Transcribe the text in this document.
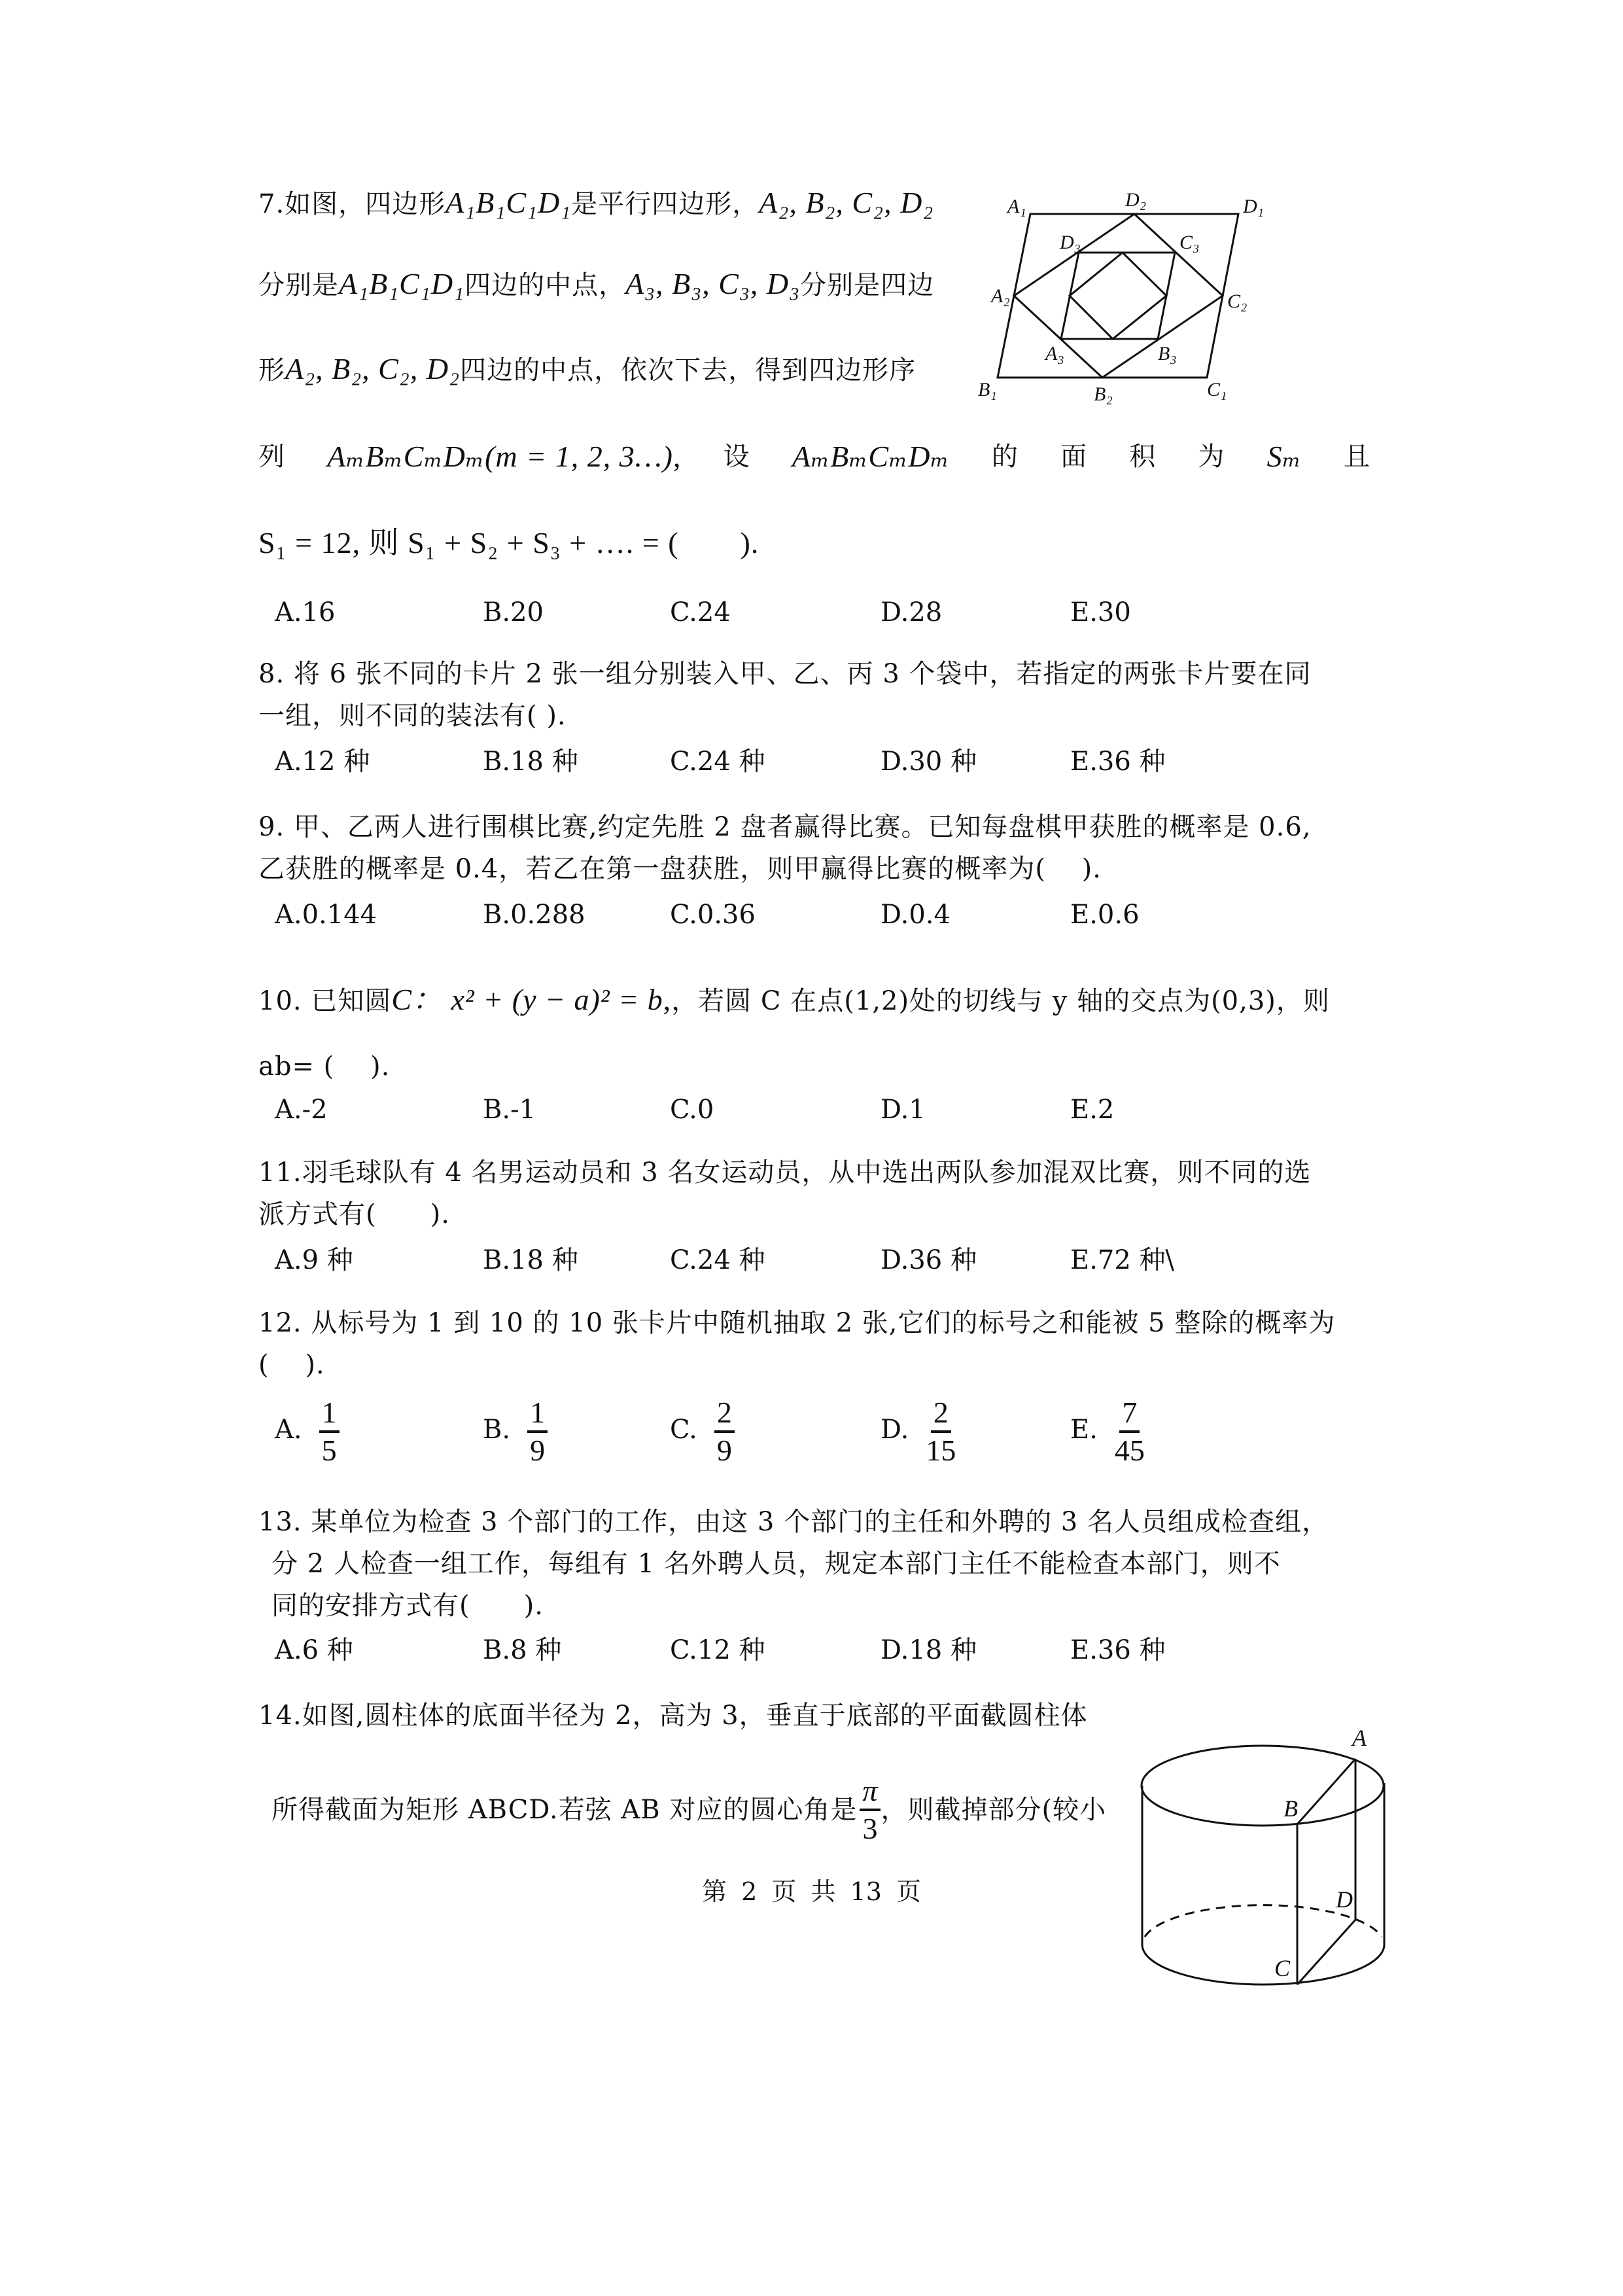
7.如图，四边形A₁B₁C₁D₁是平行四边形，A₂, B₂, C₂, D₂
分别是A₁B₁C₁D₁四边的中点，A₃, B₃, C₃, D₃分别是四边
形A₂, B₂, C₂, D₂四边的中点，依次下去，得到四边形序
列 AₘBₘCₘDₘ(m = 1, 2, 3…), 设 AₘBₘCₘDₘ 的 面 积 为 Sₘ 且
S₁ = 12, 则 S₁ + S₂ + S₃ + …. = (　　).
A.16	B.20	C.24	D.28	E.30
A₁	D₂	D₁
D₃	C₃
A₂	C₂
A₃	B₃
B₁	B₂	C₁
8. 将 6 张不同的卡片 2 张一组分别装入甲、乙、丙 3 个袋中，若指定的两张卡片要在同
一组，则不同的装法有( ).
A.12 种	B.18 种	C.24 种	D.30 种	E.36 种
9. 甲、乙两人进行围棋比赛,约定先胜 2 盘者赢得比赛。已知每盘棋甲获胜的概率是 0.6,
乙获胜的概率是 0.4，若乙在第一盘获胜，则甲赢得比赛的概率为(　 ).
A.0.144	B.0.288	C.0.36	D.0.4	E.0.6
10. 已知圆C： x² + (y − a)² = b,，若圆 C 在点(1,2)处的切线与 y 轴的交点为(0,3)，则
ab= (　 ).
A.-2	B.-1	C.0	D.1	E.2
11.羽毛球队有 4 名男运动员和 3 名女运动员，从中选出两队参加混双比赛，则不同的选
派方式有(　　).
A.9 种	B.18 种	C.24 种	D.36 种	E.72 种\
12. 从标号为 1 到 10 的 10 张卡片中随机抽取 2 张,它们的标号之和能被 5 整除的概率为
(　 ).
A. $\frac{1}{5}$	B. $\frac{1}{9}$	C. $\frac{2}{9}$	D. $\frac{2}{15}$	E. $\frac{7}{45}$
13. 某单位为检查 3 个部门的工作，由这 3 个部门的主任和外聘的 3 名人员组成检查组，
分 2 人检查一组工作，每组有 1 名外聘人员，规定本部门主任不能检查本部门，则不
同的安排方式有(　　).
A.6 种	B.8 种	C.12 种	D.18 种	E.36 种
14.如图,圆柱体的底面半径为 2，高为 3，垂直于底部的平面截圆柱体
所得截面为矩形 ABCD.若弦 AB 对应的圆心角是 $\frac{\pi}{3}$ ，则截掉部分(较小
A
B
C
D
第 2 页 共 13 页
